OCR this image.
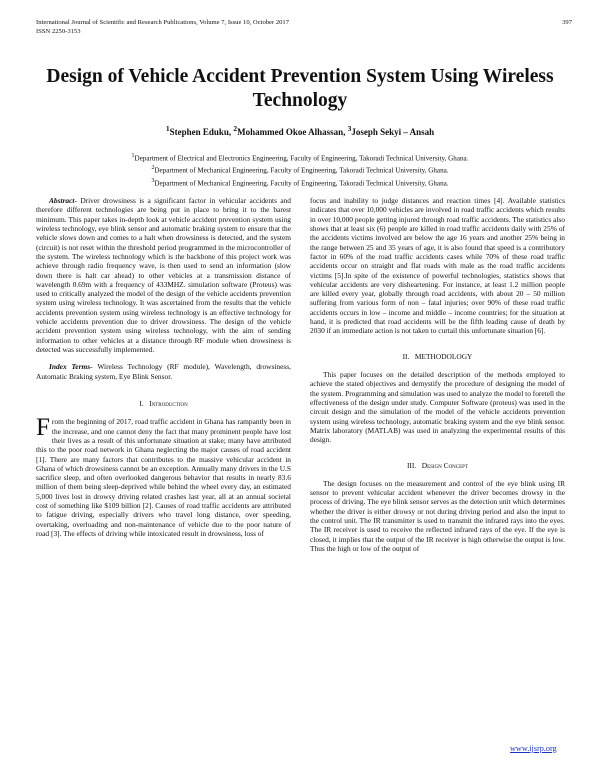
International Journal of Scientific and Research Publications, Volume 7, Issue 10, October 2017
ISSN 2250-3153
397
Design of Vehicle Accident Prevention System Using Wireless Technology
$^1$Stephen Eduku, $^2$Mohammed Okoe Alhassan, $^3$Joseph Sekyi – Ansah
$^1$Department of Electrical and Electronics Engineering, Faculty of Engineering, Takoradi Technical University, Ghana.
$^2$Department of Mechanical Engineering, Faculty of Engineering, Takoradi Technical University, Ghana.
$^3$Department of Mechanical Engineering, Faculty of Engineering, Takoradi Technical University, Ghana.

Abstract- Driver drowsiness is a significant factor in vehicular accidents and therefore different technologies are being put in place to bring it to the barest minimum. This paper takes in-depth look at vehicle accident prevention system using wireless technology, eye blink sensor and automatic braking system to ensure that the vehicle slows down and comes to a halt when drowsiness is detected, and the system (circuit) is not reset within the threshold period programmed in the microcontroller of the system. The wireless technology which is the backbone of this project work was achieve through radio frequency wave, is then used to send an information (slow down there is halt car ahead) to other vehicles at a transmission distance of wavelength 0.69m with a frequency of 433MHZ. simulation software (Proteus) was used to critically analyzed the model of the design of the vehicle accidents prevention system using wireless technology. It was ascertained from the results that the vehicle accidents prevention system using wireless technology is an effective technology for vehicle accidents prevention due to driver drowsiness. The design of the vehicle accident prevention system using wireless technology, with the aim of sending information to other vehicles at a distance through RF module when drowsiness is detected was successfully implemented.

Index Terms- Wireless Technology (RF module), Wavelength, drowsiness, Automatic Braking system, Eye Blink Sensor.

I. Introduction

From the beginning of 2017, road traffic accident in Ghana has rampantly been in the increase, and one cannot deny the fact that many prominent people have lost their lives as a result of this unfortunate situation at stake; many have attributed this to the poor road network in Ghana neglecting the major causes of road accident [1]. There are many factors that contributes to the massive vehicular accident in Ghana of which drowsiness cannot be an exception. Annually many drivers in the U.S sacrifice sleep, and often overlooked dangerous behavior that results in nearly 83.6 million of them being sleep-deprived while behind the wheel every day, an estimated 5,000 lives lost in drowsy driving related crashes last year, all at an annual societal cost of something like $109 billion [2]. Causes of road traffic accidents are attributed to fatigue driving, especially drivers who travel long distance, over speeding, overtaking, overloading and non-maintenance of vehicle due to the poor nature of road [3]. The effects of driving while intoxicated result in drowsiness, loss of

focus and inability to judge distances and reaction times [4]. Available statistics indicates that over 10,000 vehicles are involved in road traffic accidents which results in over 10,000 people getting injured through road traffic accidents. The statistics also shows that at least six (6) people are killed in road traffic accidents daily with 25% of the accidents victims involved are below the age 16 years and another 25% being in the range between 25 and 35 years of age, it is also found that speed is a contributory factor in 60% of the road traffic accidents cases while 70% of these road traffic accidents occur on straight and flat roads with male as the road traffic accidents victims [5].In spite of the existence of powerful technologies, statistics shows that vehicular accidents are very disheartening. For instance, at least 1.2 million people are killed every year, globally through road accidents, with about 20 – 50 million suffering from various form of non – fatal injuries; over 90% of these road traffic accidents occurs in low – income and middle – income countries; for the situation at hand, it is predicted that road accidents will be the fifth leading cause of death by 2030 if an immediate action is not taken to curtail this unfortunate situation [6].

II. METHODOLOGY

This paper focuses on the detailed description of the methods employed to achieve the stated objectives and demystify the procedure of designing the model of the system. Programming and simulation was used to analyze the model to foretell the effectiveness of the design under study. Computer Software (proteus) was used in the circuit design and the simulation of the model of the vehicle accidents prevention system using wireless technology, automatic braking system and the eye blink sensor. Matrix laboratory (MATLAB) was used in analyzing the experimental results of this design.

III. Design Concept

The design focuses on the measurement and control of the eye blink using IR sensor to prevent vehicular accident whenever the driver becomes drowsy in the process of driving. The eye blink sensor serves as the detection unit which determines whether the driver is either drowsy or not during driving period and also the input to the control unit. The IR transmitter is used to transmit the infrared rays into the eyes. The IR receiver is used to receive the reflected infrared rays of the eye. If the eye is closed, it implies that the output of the IR receiver is high otherwise the output is low. Thus the high or low of the output of

www.ijsrp.org
